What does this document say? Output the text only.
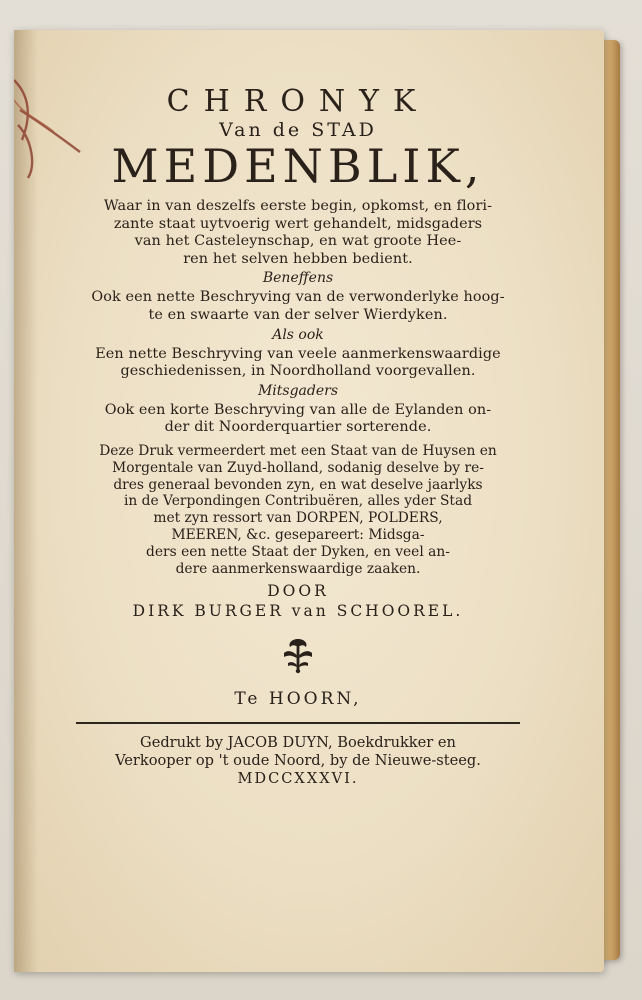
CHRONYK

Van de STAD

MEDENBLIK,

Waar in van deszelfs eerste begin, opkomst, en flori-

zante staat uytvoerig wert gehandelt, midsgaders

van het Casteleynschap, en wat groote Hee-

ren het selven hebben bedient.

Beneffens

Ook een nette Beschryving van de verwonderlyke hoog-

te en swaarte van der selver Wierdyken.

Als ook

Een nette Beschryving van veele aanmerkenswaardige

geschiedenissen, in Noordholland voorgevallen.

Mitsgaders

Ook een korte Beschryving van alle de Eylanden on-

der dit Noorderquartier sorterende.

Deze Druk vermeerdert met een Staat van de Huysen en

Morgentale van Zuyd-holland, sodanig deselve by re-

dres generaal bevonden zyn, en wat deselve jaarlyks

in de Verpondingen Contribuëren, alles yder Stad

met zyn ressort van DORPEN, POLDERS,

MEEREN, &c. gesepareert: Midsga-

ders een nette Staat der Dyken, en veel an-

dere aanmerkenswaardige zaaken.

DOOR

DIRK BURGER van SCHOOREL.

Te HOORN,

Gedrukt by JACOB DUYN, Boekdrukker en

Verkooper op 't oude Noord, by de Nieuwe-steeg.

MDCCXXXVI.
